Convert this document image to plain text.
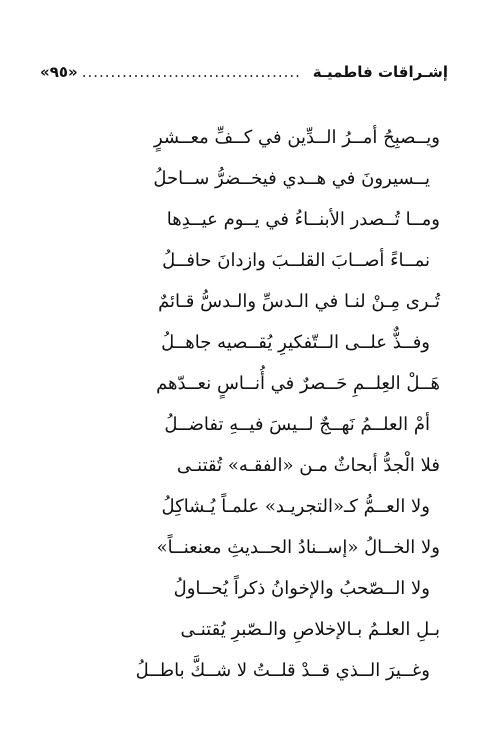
إشـراقات فاطميـة
......................................
«٩٥»
ويــصبِحُ أمــرُ الــدِّين في كــفِّ معــشرٍ
يــسيرونَ في هــدي فيخــضرُّ ســاحلُ
ومــا تُــصدر الأبنــاءُ في يــوم عيــدِها
نمــاءً أصــابَ القلــبَ وازدانَ حافــلُ
تُـرى مِـنْ لنـا في الـدسِّ والـدسُّ قـائمٌ
وفــذٌّ علــى الــتّفكيرِ يُقــصيه جاهــلُ
هَــلْ العِلــمِ حَــصرٌ في أُنــاسٍ نعــدّهم
أمْ العلــمُ نَهــجٌ لــيسَ فيــهِ تفاضــلُ
فلا الْجدُّ أبحاثٌ مـن «الفقـه» تُقتنـى
ولا العــمُّ كـ«التجريـد» علمـاً يُـشاكِلُ
ولا الخــالُ «إســنادُ الحــديثِ معنعنــاً»
ولا الــصّحبُ والإخوانُ ذكراً يُحــاولُ
بـلِ العلـمُ بـالإخلاصِ والـصّبرِ يُقتنـى
وغــيرَ الــذي قــدْ قلــتُ لا شــكَّ باطــلُ
